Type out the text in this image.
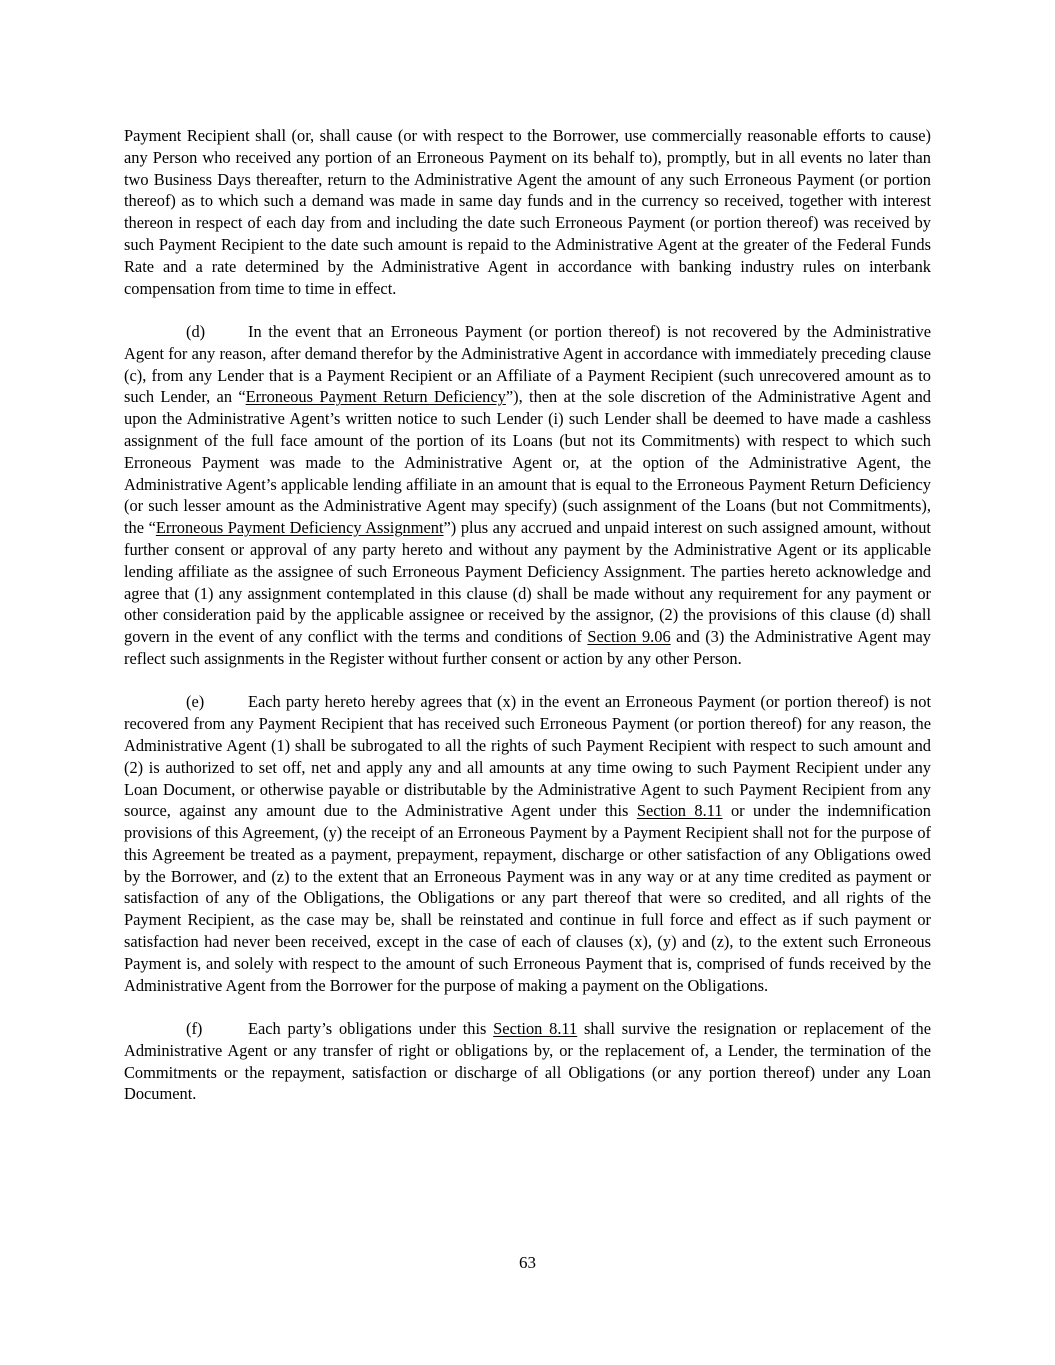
Payment Recipient shall (or, shall cause (or with respect to the Borrower, use commercially reasonable efforts to cause) any Person who received any portion of an Erroneous Payment on its behalf to), promptly, but in all events no later than two Business Days thereafter, return to the Administrative Agent the amount of any such Erroneous Payment (or portion thereof) as to which such a demand was made in same day funds and in the currency so received, together with interest thereon in respect of each day from and including the date such Erroneous Payment (or portion thereof) was received by such Payment Recipient to the date such amount is repaid to the Administrative Agent at the greater of the Federal Funds Rate and a rate determined by the Administrative Agent in accordance with banking industry rules on interbank compensation from time to time in effect.

(d)	In the event that an Erroneous Payment (or portion thereof) is not recovered by the Administrative Agent for any reason, after demand therefor by the Administrative Agent in accordance with immediately preceding clause (c), from any Lender that is a Payment Recipient or an Affiliate of a Payment Recipient (such unrecovered amount as to such Lender, an “Erroneous Payment Return Deficiency”), then at the sole discretion of the Administrative Agent and upon the Administrative Agent’s written notice to such Lender (i) such Lender shall be deemed to have made a cashless assignment of the full face amount of the portion of its Loans (but not its Commitments) with respect to which such Erroneous Payment was made to the Administrative Agent or, at the option of the Administrative Agent, the Administrative Agent’s applicable lending affiliate in an amount that is equal to the Erroneous Payment Return Deficiency (or such lesser amount as the Administrative Agent may specify) (such assignment of the Loans (but not Commitments), the “Erroneous Payment Deficiency Assignment”) plus any accrued and unpaid interest on such assigned amount, without further consent or approval of any party hereto and without any payment by the Administrative Agent or its applicable lending affiliate as the assignee of such Erroneous Payment Deficiency Assignment. The parties hereto acknowledge and agree that (1) any assignment contemplated in this clause (d) shall be made without any requirement for any payment or other consideration paid by the applicable assignee or received by the assignor, (2) the provisions of this clause (d) shall govern in the event of any conflict with the terms and conditions of Section 9.06 and (3) the Administrative Agent may reflect such assignments in the Register without further consent or action by any other Person.

(e)	Each party hereto hereby agrees that (x) in the event an Erroneous Payment (or portion thereof) is not recovered from any Payment Recipient that has received such Erroneous Payment (or portion thereof) for any reason, the Administrative Agent (1) shall be subrogated to all the rights of such Payment Recipient with respect to such amount and (2) is authorized to set off, net and apply any and all amounts at any time owing to such Payment Recipient under any Loan Document, or otherwise payable or distributable by the Administrative Agent to such Payment Recipient from any source, against any amount due to the Administrative Agent under this Section 8.11 or under the indemnification provisions of this Agreement, (y) the receipt of an Erroneous Payment by a Payment Recipient shall not for the purpose of this Agreement be treated as a payment, prepayment, repayment, discharge or other satisfaction of any Obligations owed by the Borrower, and (z) to the extent that an Erroneous Payment was in any way or at any time credited as payment or satisfaction of any of the Obligations, the Obligations or any part thereof that were so credited, and all rights of the Payment Recipient, as the case may be, shall be reinstated and continue in full force and effect as if such payment or satisfaction had never been received, except in the case of each of clauses (x), (y) and (z), to the extent such Erroneous Payment is, and solely with respect to the amount of such Erroneous Payment that is, comprised of funds received by the Administrative Agent from the Borrower for the purpose of making a payment on the Obligations.

(f)	Each party’s obligations under this Section 8.11 shall survive the resignation or replacement of the Administrative Agent or any transfer of right or obligations by, or the replacement of, a Lender, the termination of the Commitments or the repayment, satisfaction or discharge of all Obligations (or any portion thereof) under any Loan Document.

63
